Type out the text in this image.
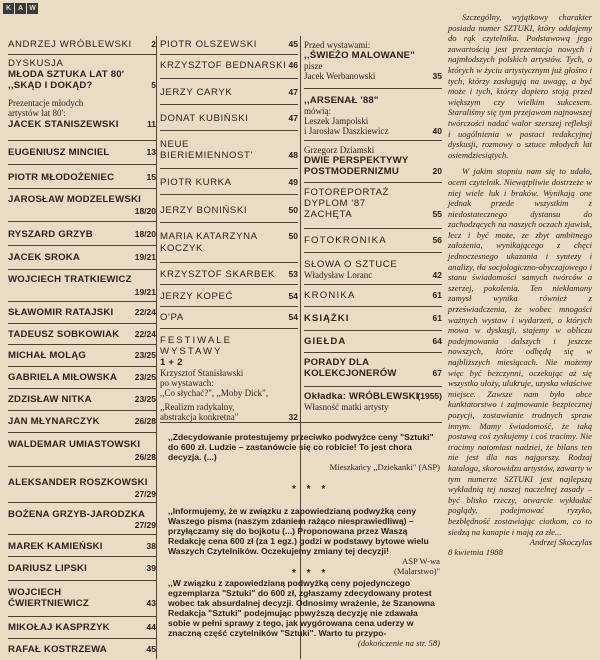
K A W
ANDRZEJ WRÓBLEWSKI 2
DYSKUSJA
MŁODA SZTUKA LAT 80'
,,SKĄD I DOKĄD?	5
Prezentacje młodych
artystów lat 80':
JACEK STANISZEWSKI	11
EUGENIUSZ MINCIEL	13
PIOTR MŁODOŻENIEC	15
JAROSŁAW MODZELEWSKI
18/20
RYSZARD GRZYB	18/20
JACEK SROKA	19/21
WOJCIECH TRATKIEWICZ
19/21
SŁAWOMIR RATAJSKI	22/24
TADEUSZ SOBKOWIAK 22/24
MICHAŁ MOLĄG	23/25
GABRIELA MIŁOWSKA 23/25
ZDZISŁAW NITKA	23/25
JAN MŁYNARCZYK	26/28
WALDEMAR UMIASTOWSKI
26/28
ALEKSANDER ROSZKOWSKI
27/29
BOŻENA GRZYB-JARODZKA
27/29
MAREK KAMIEŃSKI	38
DARIUSZ LIPSKI	39
WOJCIECH
ĆWIERTNIEWICZ	43
MIKOŁAJ KASPRZYK	44
RAFAŁ KOSTRZEWA	45
PIOTR OLSZEWSKI	45
KRZYSZTOF BEDNARSKI 46
JERZY CARYK	47
DONAT KUBIŃSKI	47
NEUE
BIERIEMIENNOST'	48
PIOTR KURKA	49
JERZY BONIŃSKI	50
MARIA KATARZYNA
KOCZYK
50
KRZYSZTOF SKARBEK 53
JERZY KOPEĆ	54
O'PA	54
FESTIWALE
WYSTAWY
1 + 2
Krzysztof Stanisławski
po wystawach:
,,Co słychać?", ,,Moby Dick",
,,Realizm radykalny,
abstrakcja konkretna"	32
Przed wystawami:
,,ŚWIEŻO MALOWANE"
pisze
Jacek Werbanowski	35
,,ARSENAŁ '88"
mówią:
Leszek Jampolski
i Jarosław Daszkiewicz	40
Grzegorz Dziamski
DWIE PERSPEKTYWY
POSTMODERNIZMU	20
FOTOREPORTAŻ
DYPLOM '87
ZACHĘTA	55
FOTOKRONIKA	56
SŁOWA O SZTUCE
Władysław Loranc	42
KRONIKA	61
KSIĄŻKI	61
GIEŁDA	64
PORADY DLA
KOLEKCJONERÓW	67
Okładka: WRÓBLEWSKI
(1955)
Własność matki artysty
,,Zdecydowanie protestujemy przeciwko podwyżce ceny "Sztuki" do 600 zł. Ludzie – zastanówcie się co robicie! To jest chora decyzja. (...)
Mieszkańcy ,,Dziekanki" (ASP)
* * *
,,Informujemy, że w związku z zapowiedzianą podwyżką ceny Waszego pisma (naszym zdaniem rażąco niesprawiedliwą) – przyłączamy się do bojkotu (...) Proponowana przez Waszą Redakcję cena 600 zł (za 1 egz.) godzi w podstawy bytowe wielu Waszych Czytelników. Oczekujemy zmiany tej decyzji!
ASP W-wa
(Malarstwo)"
* * *
,,W związku z zapowiedzianą podwyżką ceny pojedynczego egzemplarza "Sztuki" do 600 zł, zgłaszamy zdecydowany protest wobec tak absurdalnej decyzji. Odnosimy wrażenie, że Szanowna Redakcja "Sztuki" podejmując powyższą decyzję nie zdawała sobie w pełni sprawy z tego, jak wygórowana cena uderzy w znaczną część czytelników "Sztuki". Warto tu przypo-
(dokończenie na str. 58)

Szczególny, wyjątkowy charakter posiada numer SZTUKI, który oddajemy do rąk czytelnika. Podstawową jego zawartością jest prezentacja nowych i najmłodszych polskich artystów. Tych, o których w życiu artystycznym już głośno i tych, którzy zasługują na uwagę, a być może i tych, którzy dopiero stoją przed większym czy wielkim sukcesem. Staraliśmy się tym przejawom najnowszej twórczości nadać walor szerszej refleksji i uogólnienia w postaci redakcyjnej dyskusji, rozmowy o sztuce młodych lat osiemdziesiątych.

W jakim stopniu nam się to udało, oceni czytelnik. Niewątpliwie dostrzeże w niej wiele luk i braków. Wynikają one jednak przede wszystkim z niedostatecznego dystansu do zachodzących na naszych oczach zjawisk, lecz i być może, ze zbyt ambitnego założenia, wynikającego z chęci jednoczesnego ukazania i syntezy i analizy, tła socjologiczno-obyczajowego i stanu świadomości samych twórców a szerzej, pokolenia. Ten niekłamany zamysł wynika również z przeświadczenia, że wobec mnogości ważnych wystaw i wydarzeń, o których mowa w dyskusji, stajemy w obliczu podejmowania dalszych i jeszcze nowszych, które odbędą się w najbliższych miesiącach. Nie możemy więc być bezczynni, oczekując aż się wszystko ułoży, ulukruje, uzyska właściwe miejsce. Zawsze nam było obce kunktatorstwo i zajmowanie bezpiecznej pozycji, zostawianie trudnych spraw innym. Mamy świadomość, że taką postawą coś zyskujemy i coś tracimy. Nie tracimy natomiast nadziei, że bilans ten nie jest dla nas najgorszy. Rodzaj katalogu, skorowidzu artystów, zawarty w tym numerze SZTUKI jest najlepszą wykładnią tej naszej naczelnej zasady – być blisko rzeczy, otwarcie wykładać poglądy, podejmować ryzyko, bezbłędność zostawiając ciotkom, co to siedzą na kanapie i mają za złe...

Andrzej Skoczylas
8 kwietnia 1988
